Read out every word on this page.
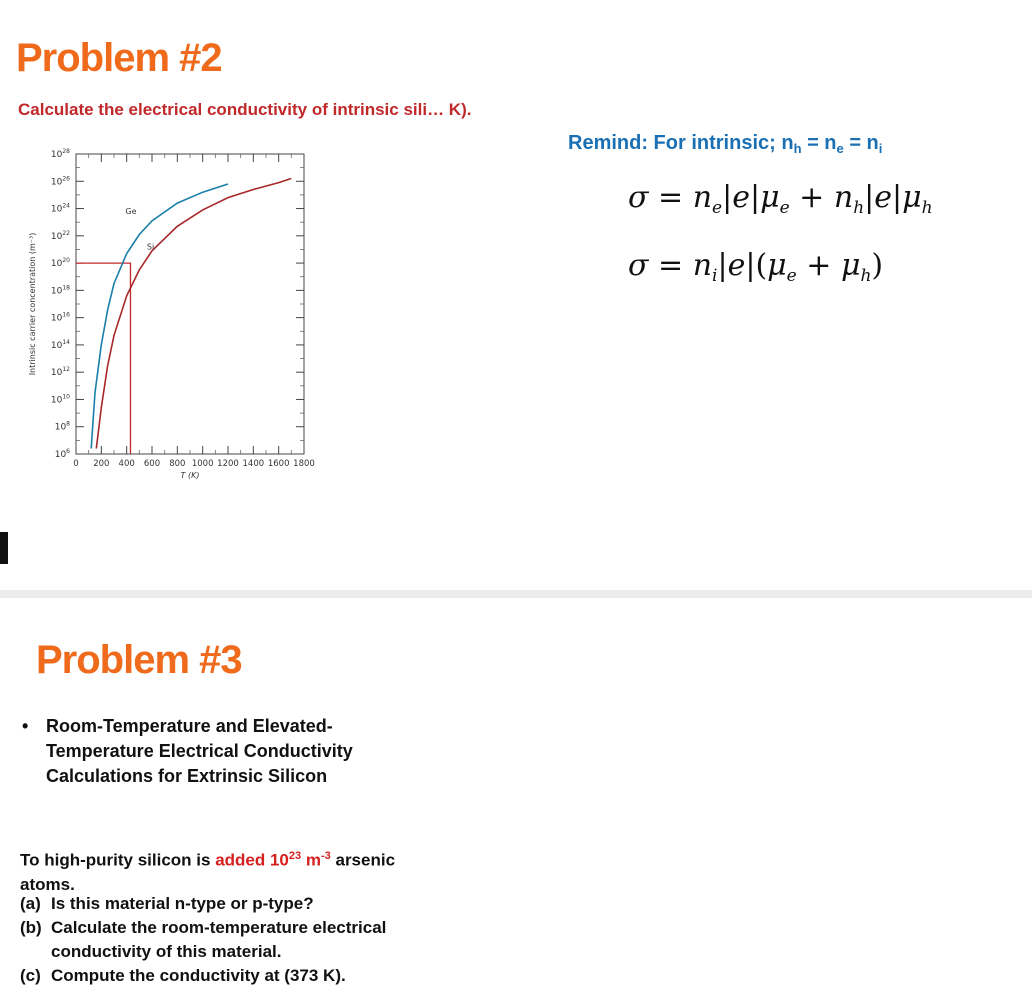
Problem #2
Calculate the electrical conductivity of intrinsic sili… K).
$10^6$
$10^8$
$10^{10}$
$10^{12}$
$10^{14}$
$10^{16}$
$10^{18}$
$10^{20}$
$10^{22}$
$10^{24}$
$10^{26}$
$10^{28}$
0 200 400 600 800 1000 1200 1400 1600 1800
T (K)
Intrinsic carrier concentration (m⁻³)
Ge
Si
Remind: For intrinsic; $n_h = n_e = n_i$
$\sigma = n_e|e|\mu_e + n_h|e|\mu_h$
$\sigma = n_i|e|(\mu_e + \mu_h)$
Problem #3
• Room-Temperature and Elevated-Temperature Electrical Conductivity Calculations for Extrinsic Silicon
To high-purity silicon is added $10^{23}$ $m^{-3}$ arsenic atoms.
(a) Is this material n-type or p-type?
(b) Calculate the room-temperature electrical conductivity of this material.
(c) Compute the conductivity at (373 K).
